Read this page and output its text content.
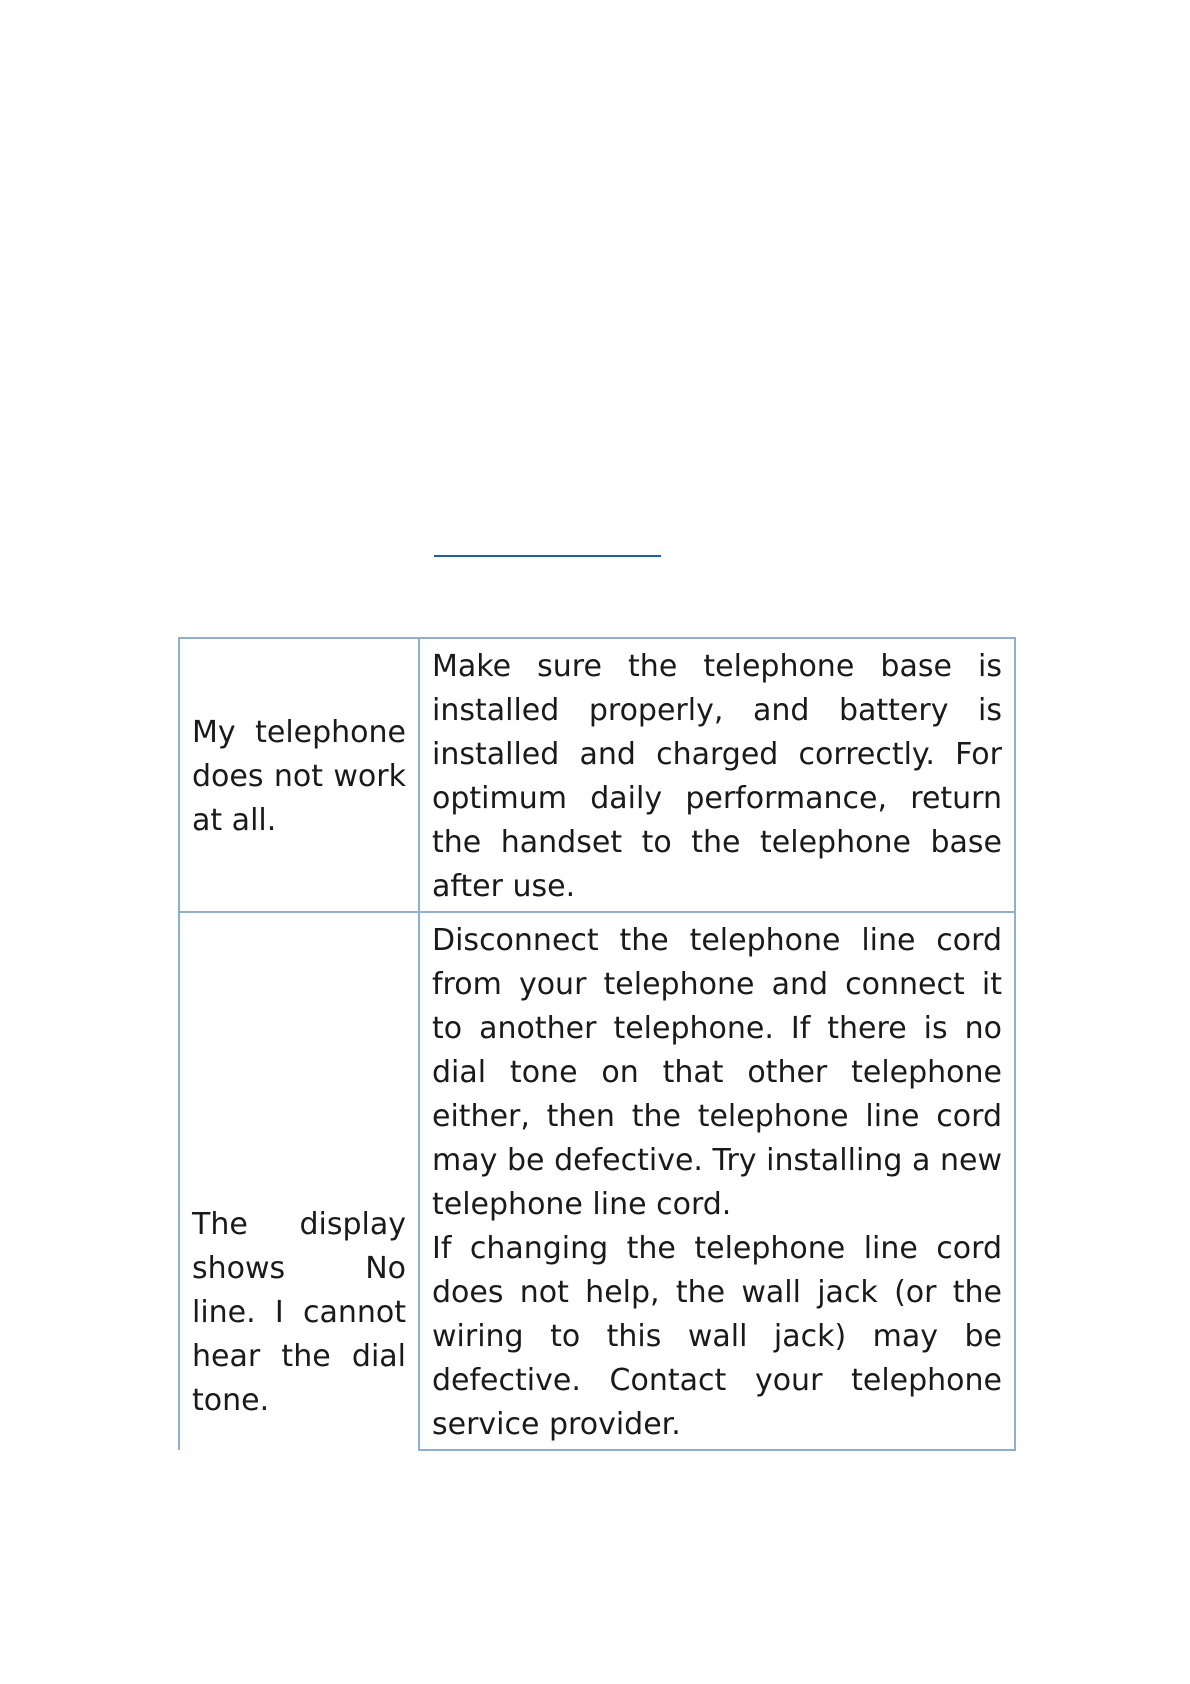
My telephone does not work at all.	Make sure the telephone base is installed properly, and battery is installed and charged correctly. For optimum daily performance, return the handset to the telephone base after use.

The display shows No line. I cannot hear the dial tone.	Disconnect the telephone line cord from your telephone and connect it to another telephone. If there is no dial tone on that other telephone either, then the telephone line cord may be defective. Try installing a new telephone line cord.
If changing the telephone line cord does not help, the wall jack (or the wiring to this wall jack) may be defective. Contact your telephone service provider.
